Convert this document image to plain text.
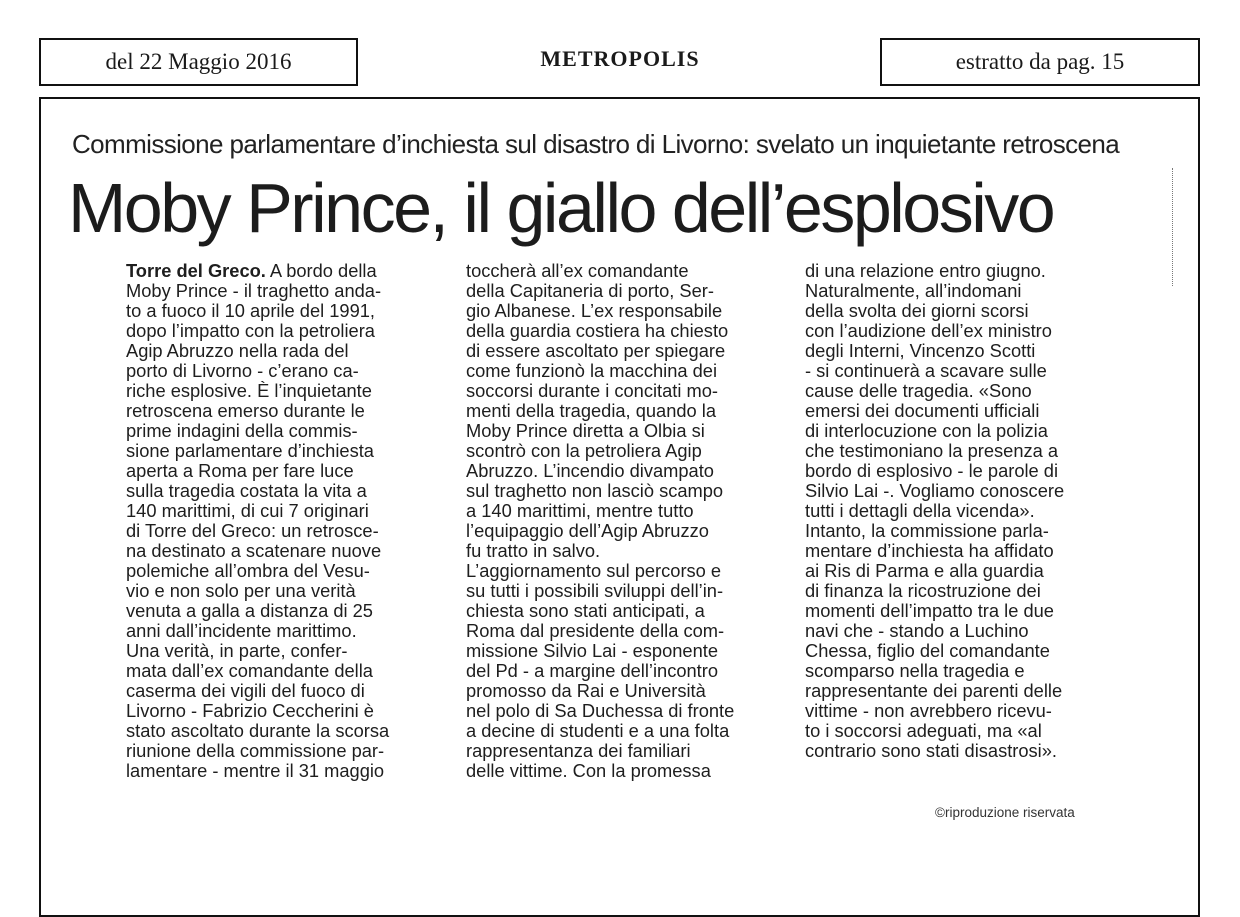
del 22 Maggio 2016	METROPOLIS	estratto da pag. 15
Commissione parlamentare d’inchiesta sul disastro di Livorno: svelato un inquietante retroscena
Moby Prince, il giallo dell’esplosivo
Torre del Greco. A bordo della
Moby Prince - il traghetto anda-
to a fuoco il 10 aprile del 1991,
dopo l’impatto con la petroliera
Agip Abruzzo nella rada del
porto di Livorno - c’erano ca-
riche esplosive. È l’inquietante
retroscena emerso durante le
prime indagini della commis-
sione parlamentare d’inchiesta
aperta a Roma per fare luce
sulla tragedia costata la vita a
140 marittimi, di cui 7 originari
di Torre del Greco: un retrosce-
na destinato a scatenare nuove
polemiche all’ombra del Vesu-
vio e non solo per una verità
venuta a galla a distanza di 25
anni dall’incidente marittimo.
Una verità, in parte, confer-
mata dall’ex comandante della
caserma dei vigili del fuoco di
Livorno - Fabrizio Ceccherini è
stato ascoltato durante la scorsa
riunione della commissione par-
lamentare - mentre il 31 maggio
toccherà all’ex comandante
della Capitaneria di porto, Ser-
gio Albanese. L’ex responsabile
della guardia costiera ha chiesto
di essere ascoltato per spiegare
come funzionò la macchina dei
soccorsi durante i concitati mo-
menti della tragedia, quando la
Moby Prince diretta a Olbia si
scontrò con la petroliera Agip
Abruzzo. L’incendio divampato
sul traghetto non lasciò scampo
a 140 marittimi, mentre tutto
l’equipaggio dell’Agip Abruzzo
fu tratto in salvo.
L’aggiornamento sul percorso e
su tutti i possibili sviluppi dell’in-
chiesta sono stati anticipati, a
Roma dal presidente della com-
missione Silvio Lai - esponente
del Pd - a margine dell’incontro
promosso da Rai e Università
nel polo di Sa Duchessa di fronte
a decine di studenti e a una folta
rappresentanza dei familiari
delle vittime. Con la promessa
di una relazione entro giugno.
Naturalmente, all’indomani
della svolta dei giorni scorsi
con l’audizione dell’ex ministro
degli Interni, Vincenzo Scotti
- si continuerà a scavare sulle
cause delle tragedia. «Sono
emersi dei documenti ufficiali
di interlocuzione con la polizia
che testimoniano la presenza a
bordo di esplosivo - le parole di
Silvio Lai -. Vogliamo conoscere
tutti i dettagli della vicenda».
Intanto, la commissione parla-
mentare d’inchiesta ha affidato
ai Ris di Parma e alla guardia
di finanza la ricostruzione dei
momenti dell’impatto tra le due
navi che - stando a Luchino
Chessa, figlio del comandante
scomparso nella tragedia e
rappresentante dei parenti delle
vittime - non avrebbero ricevu-
to i soccorsi adeguati, ma «al
contrario sono stati disastrosi».
©riproduzione riservata
